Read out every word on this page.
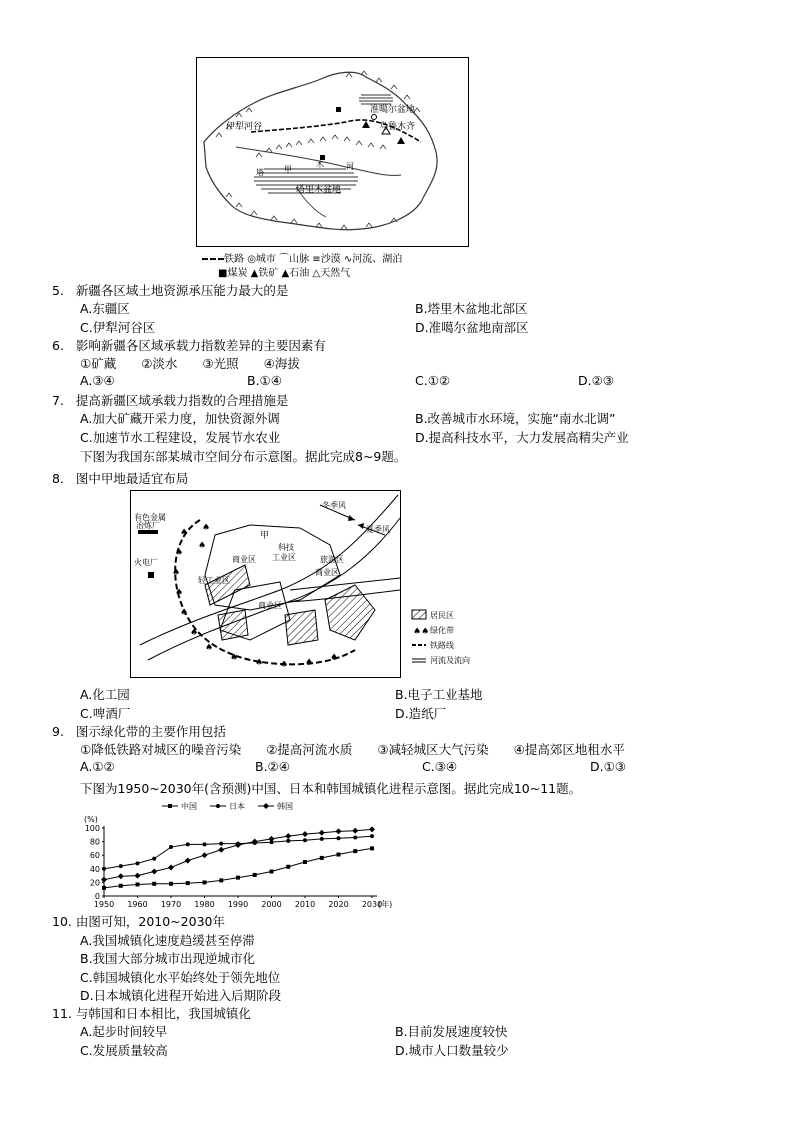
准噶尔盆地
乌鲁木齐
伊犁河谷
塔里木盆地
甲
木	河
塔
铁路 ◎城市 ⌒山脉 ≡沙漠 ∿河流、湖泊
■煤炭 ▲铁矿 ▲石油 △天然气
5. 新疆各区域土地资源承压能力最大的是
A.东疆区	B.塔里木盆地北部区
C.伊犁河谷区	D.准噶尔盆地南部区
6. 影响新疆各区域承载力指数差异的主要因素有
①矿藏　　②淡水　　③光照　　④海拔
A.③④	B.①④	C.①②	D.②③
7. 提高新疆区域承载力指数的合理措施是
A.加大矿藏开采力度，加快资源外调	B.改善城市水环境，实施“南水北调”
C.加速节水工程建设，发展节水农业	D.提高科技水平，大力发展高精尖产业
下图为我国东部某城市空间分布示意图。据此完成8~9题。
8. 图中甲地最适宜布局
♠
♠
♠
♠
♠
♠
♠
♠ ♠ ♠ ♠ ♠
♠
♠
有色金属
冶炼厂
火电厂
甲
科技
工业区
商业区
轻工业区
商业区
旅游区
商业区
冬季风
夏季风
居民区
♠♠ 绿化带
铁路线
河流及流向
A.化工园	B.电子工业基地
C.啤酒厂	D.造纸厂
9. 图示绿化带的主要作用包括
①降低铁路对城区的噪音污染　　②提高河流水质　　③减轻城区大气污染　　④提高郊区地租水平
A.①②	B.②④	C.③④	D.①③
下图为1950~2030年(含预测)中国、日本和韩国城镇化进程示意图。据此完成10~11题。
(%)
0
20
40
60
80
100
1950 1960 1970 1980 1990 2000 2010 2020 2030
(年)
中国	日本	韩国
10. 由图可知，2010~2030年
A.我国城镇化速度趋缓甚至停滞
B.我国大部分城市出现逆城市化
C.韩国城镇化水平始终处于领先地位
D.日本城镇化进程开始进入后期阶段
11. 与韩国和日本相比，我国城镇化
A.起步时间较早	B.目前发展速度较快
C.发展质量较高	D.城市人口数量较少
